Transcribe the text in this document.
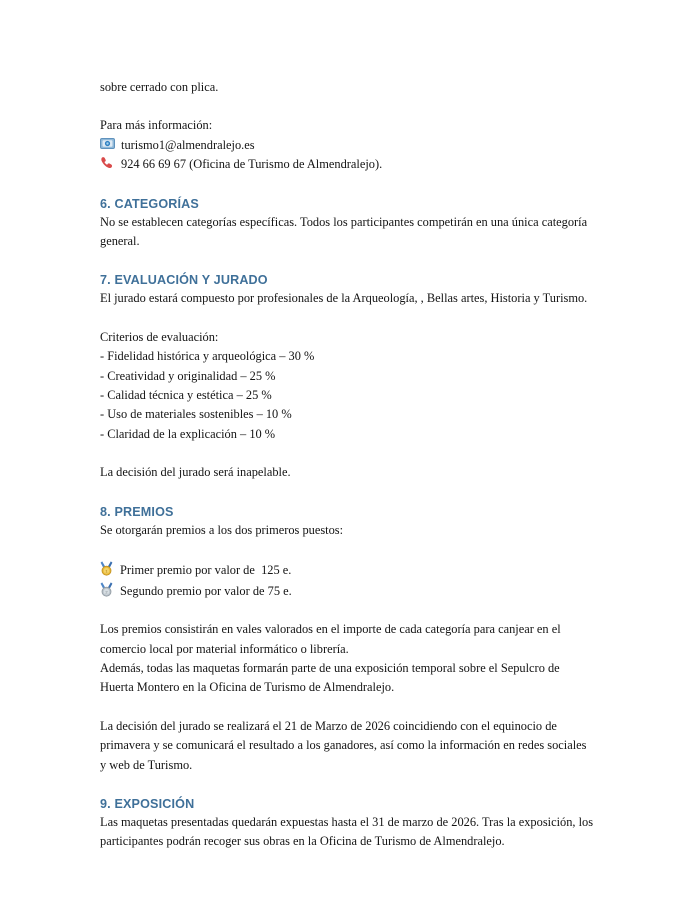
sobre cerrado con plica.

Para más información:

turismo1@almendralejo.es
924 66 69 67 (Oficina de Turismo de Almendralejo).
6. CATEGORÍAS

No se establecen categorías específicas. Todos los participantes competirán en una única categoría general.

7. EVALUACIÓN Y JURADO

El jurado estará compuesto por profesionales de la Arqueología, , Bellas artes, Historia y Turismo.

Criterios de evaluación:

- Fidelidad histórica y arqueológica – 30 %
- Creatividad y originalidad – 25 %
- Calidad técnica y estética – 25 %
- Uso de materiales sostenibles – 10 %
- Claridad de la explicación – 10 %

La decisión del jurado será inapelable.

8. PREMIOS

Se otorgarán premios a los dos primeros puestos:

1 Primer premio por valor de  125 e.
2 Segundo premio por valor de 75 e.

Los premios consistirán en vales valorados en el importe de cada categoría para canjear en el comercio local por material informático o librería.

Además, todas las maquetas formarán parte de una exposición temporal sobre el Sepulcro de Huerta Montero en la Oficina de Turismo de Almendralejo.

La decisión del jurado se realizará el 21 de Marzo de 2026 coincidiendo con el equinocio de primavera y se comunicará el resultado a los ganadores, así como la información en redes sociales y web de Turismo.

9. EXPOSICIÓN

Las maquetas presentadas quedarán expuestas hasta el 31 de marzo de 2026. Tras la exposición, los participantes podrán recoger sus obras en la Oficina de Turismo de Almendralejo.
